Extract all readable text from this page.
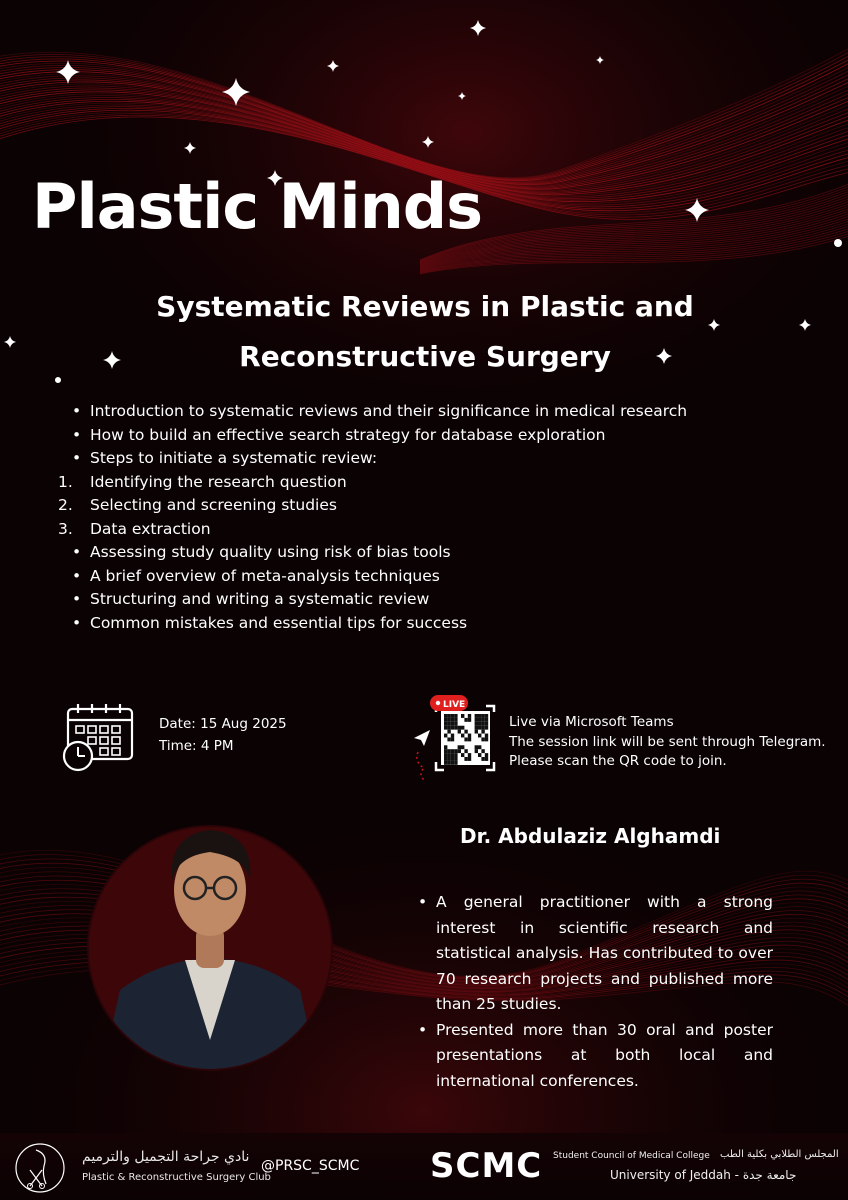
Plastic Minds
Systematic Reviews in Plastic and
Reconstructive Surgery
• Introduction to systematic reviews and their significance in medical research
• How to build an effective search strategy for database exploration
• Steps to initiate a systematic review:
1. Identifying the research question
2. Selecting and screening studies
3. Data extraction
• Assessing study quality using risk of bias tools
• A brief overview of meta-analysis techniques
• Structuring and writing a systematic review
• Common mistakes and essential tips for success
Date: 15 Aug 2025
Time: 4 PM
LIVE
Live via Microsoft Teams
The session link will be sent through Telegram.
Please scan the QR code to join.
Dr. Abdulaziz Alghamdi
• A general practitioner with a strong interest in scientific research and statistical analysis. Has contributed to over 70 research projects and published more than 25 studies.
• Presented more than 30 oral and poster presentations at both local and international conferences.
نادي جراحة التجميل والترميم
Plastic & Reconstructive Surgery Club
@PRSC_SCMC SCMC Student Council of Medical College المجلس الطلابي بكلية الطب
University of Jeddah - جامعة جدة
